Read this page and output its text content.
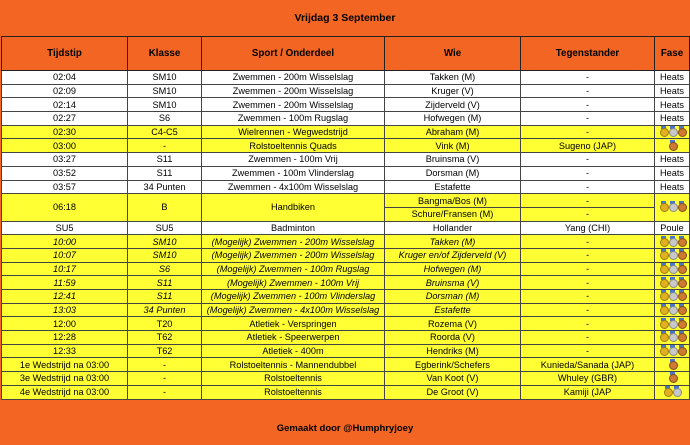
Vrijdag 3 September
Tijdstip	Klasse	Sport / Onderdeel	Wie	Tegenstander	Fase
02:04	SM10	Zwemmen - 200m Wisselslag	Takken (M)	-	Heats
02:09	SM10	Zwemmen - 200m Wisselslag	Kruger (V)	-	Heats
02:14	SM10	Zwemmen - 200m Wisselslag	Zijderveld (V)	-	Heats
02:27	S6	Zwemmen - 100m Rugslag	Hofwegen (M)	-	Heats
02:30	C4-C5	Wielrennen - Wegwedstrijd	Abraham (M)	-	

03:00	-	Rolstoeltennis Quads	Vink (M)	Sugeno (JAP)	

03:27	S11	Zwemmen - 100m Vrij	Bruinsma (V)	-	Heats
03:52	S11	Zwemmen - 100m Vlinderslag	Dorsman (M)	-	Heats
03:57	34 Punten	Zwemmen - 4x100m Wisselslag	Estafette	-	Heats
06:18	B	Handbiken	Bangma/Bos (M)	-	

			Schure/Fransen (M)	-	
SU5	SU5	Badminton	Hollander	Yang (CHI)	Poule
10:00	SM10	(Mogelijk) Zwemmen - 200m Wisselslag	Takken (M)	-	

10:07	SM10	(Mogelijk) Zwemmen - 200m Wisselslag	Kruger en/of Zijderveld (V)	-	

10:17	S6	(Mogelijk) Zwemmen - 100m Rugslag	Hofwegen (M)	-	

11:59	S11	(Mogelijk) Zwemmen - 100m Vrij	Bruinsma (V)	-	

12:41	S11	(Mogelijk) Zwemmen - 100m Vlinderslag	Dorsman (M)	-	

13:03	34 Punten	(Mogelijk) Zwemmen - 4x100m Wisselslag	Estafette	-	

12:00	T20	Atletiek - Verspringen	Rozema (V)	-	

12:28	T62	Atletiek - Speerwerpen	Roorda (V)	-	

12:33	T62	Atletiek - 400m	Hendriks (M)	-	

1e Wedstrijd na 03:00	-	Rolstoeltennis - Mannendubbel	Egberink/Schefers	Kunieda/Sanada (JAP)	

3e Wedstrijd na 03:00	-	Rolstoeltennis	Van Koot (V)	Whuley (GBR)	

4e Wedstrijd na 03:00	-	Rolstoeltennis	De Groot (V)	Kamiji (JAP	
Gemaakt door @Humphryjoey
